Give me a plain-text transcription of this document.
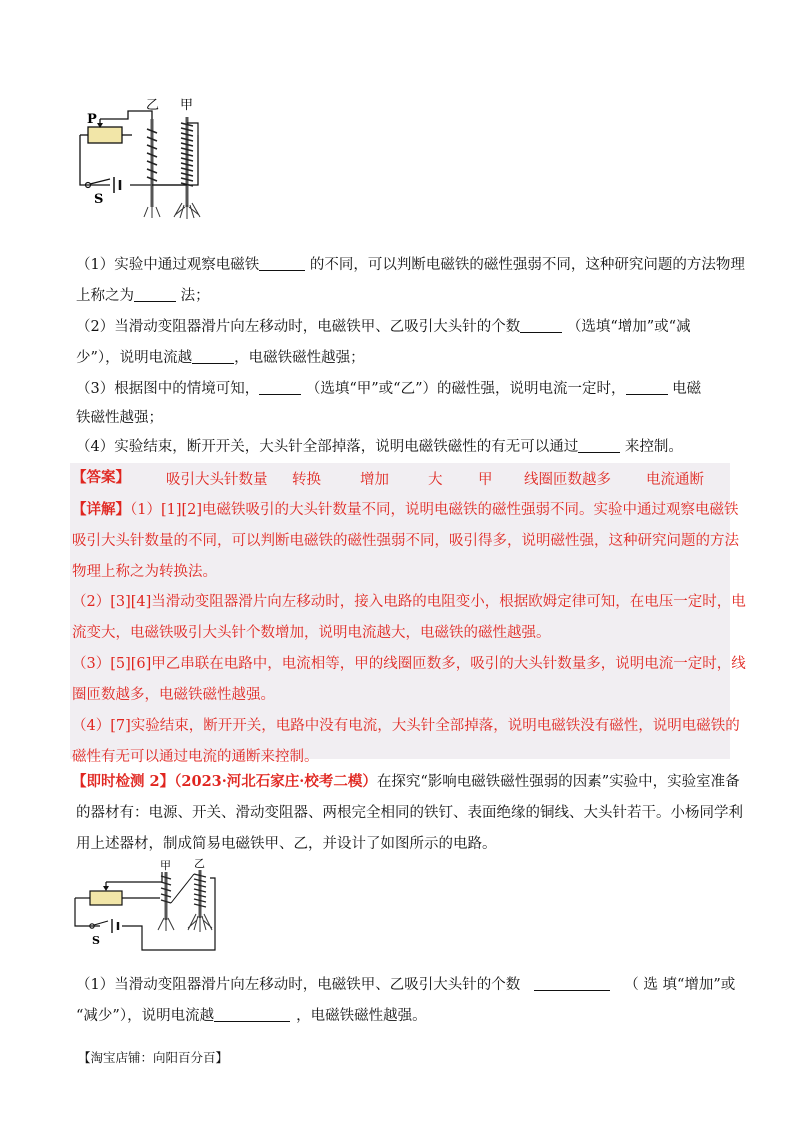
P
S
乙 甲
（1）实验中通过观察电磁铁	的不同，可以判断电磁铁的磁性强弱不同，这种研究问题的方法物理
上称之为	法；
（2）当滑动变阻器滑片向左移动时，电磁铁甲、乙吸引大头针的个数	（选填“增加”或“减
少”），说明电流越	，电磁铁磁性越强；
（3）根据图中的情境可知，	（选填“甲”或“乙”）的磁性强，说明电流一定时，	电磁
铁磁性越强；
（4）实验结束，断开开关，大头针全部掉落，说明电磁铁磁性的有无可以通过	来控制。
【答案】 吸引大头针数量 转换	增加	大 甲 线圈匝数越多 电流通断
【详解】（1）[1][2]电磁铁吸引的大头针数量不同，说明电磁铁的磁性强弱不同。实验中通过观察电磁铁
吸引大头针数量的不同，可以判断电磁铁的磁性强弱不同，吸引得多，说明磁性强，这种研究问题的方法
物理上称之为转换法。
（2）[3][4]当滑动变阻器滑片向左移动时，接入电路的电阻变小，根据欧姆定律可知，在电压一定时，电
流变大，电磁铁吸引大头针个数增加，说明电流越大，电磁铁的磁性越强。
（3）[5][6]甲乙串联在电路中，电流相等，甲的线圈匝数多，吸引的大头针数量多，说明电流一定时，线
圈匝数越多，电磁铁磁性越强。
（4）[7]实验结束，断开开关，电路中没有电流，大头针全部掉落，说明电磁铁没有磁性，说明电磁铁的
磁性有无可以通过电流的通断来控制。
【即时检测 2】（2023·河北石家庄·校考二模）在探究“影响电磁铁磁性强弱的因素”实验中，实验室准备
的器材有：电源、开关、滑动变阻器、两根完全相同的铁钉、表面绝缘的铜线、大头针若干。小杨同学利
用上述器材，制成简易电磁铁甲、乙，并设计了如图所示的电路。
S
甲 乙
（1）当滑动变阻器滑片向左移动时，电磁铁甲、乙吸引大头针的个数	（ 选 填“增加”或
“减少”），说明电流越	，电磁铁磁性越强。
【淘宝店铺：向阳百分百】
